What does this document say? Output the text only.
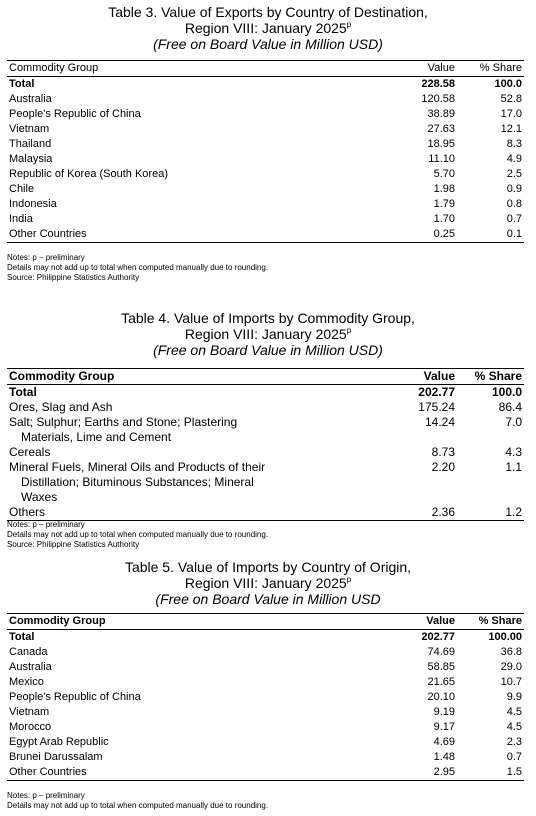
Table 3. Value of Exports by Country of Destination,
Region VIII: January 2025$^p$
(Free on Board Value in Million USD)
Commodity Group	Value	% Share
Total	228.58	100.0
Australia	120.58	52.8
People's Republic of China	38.89	17.0
Vietnam	27.63	12.1
Thailand	18.95	8.3
Malaysia	11.10	4.9
Republic of Korea (South Korea)	5.70	2.5
Chile	1.98	0.9
Indonesia	1.79	0.8
India	1.70	0.7
Other Countries	0.25	0.1
Notes: p – preliminary
Details may not add up to total when computed manually due to rounding.
Source: Philippine Statistics Authority
Table 4. Value of Imports by Commodity Group,
Region VIII: January 2025$^p$
(Free on Board Value in Million USD)
Commodity Group	Value	% Share
Total	202.77	100.0
Ores, Slag and Ash	175.24	86.4

Salt; Sulphur; Earths and Stone; Plastering Materials, Lime and Cement	14.24	7.0
Cereals	8.73	4.3

Mineral Fuels, Mineral Oils and Products of their Distillation; Bituminous Substances; Mineral Waxes	2.20	1.1
Others	2.36	1.2
Notes: p – preliminary
Details may not add up to total when computed manually due to rounding.
Source: Philippine Statistics Authority
Table 5. Value of Imports by Country of Origin,
Region VIII: January 2025$^p$
(Free on Board Value in Million USD
Commodity Group	Value	% Share
Total	202.77	100.00
Canada	74.69	36.8
Australia	58.85	29.0
Mexico	21.65	10.7
People's Republic of China	20.10	9.9
Vietnam	9.19	4.5
Morocco	9.17	4.5
Egypt Arab Republic	4.69	2.3
Brunei Darussalam	1.48	0.7
Other Countries	2.95	1.5
Notes: p – preliminary
Details may not add up to total when computed manually due to rounding.
